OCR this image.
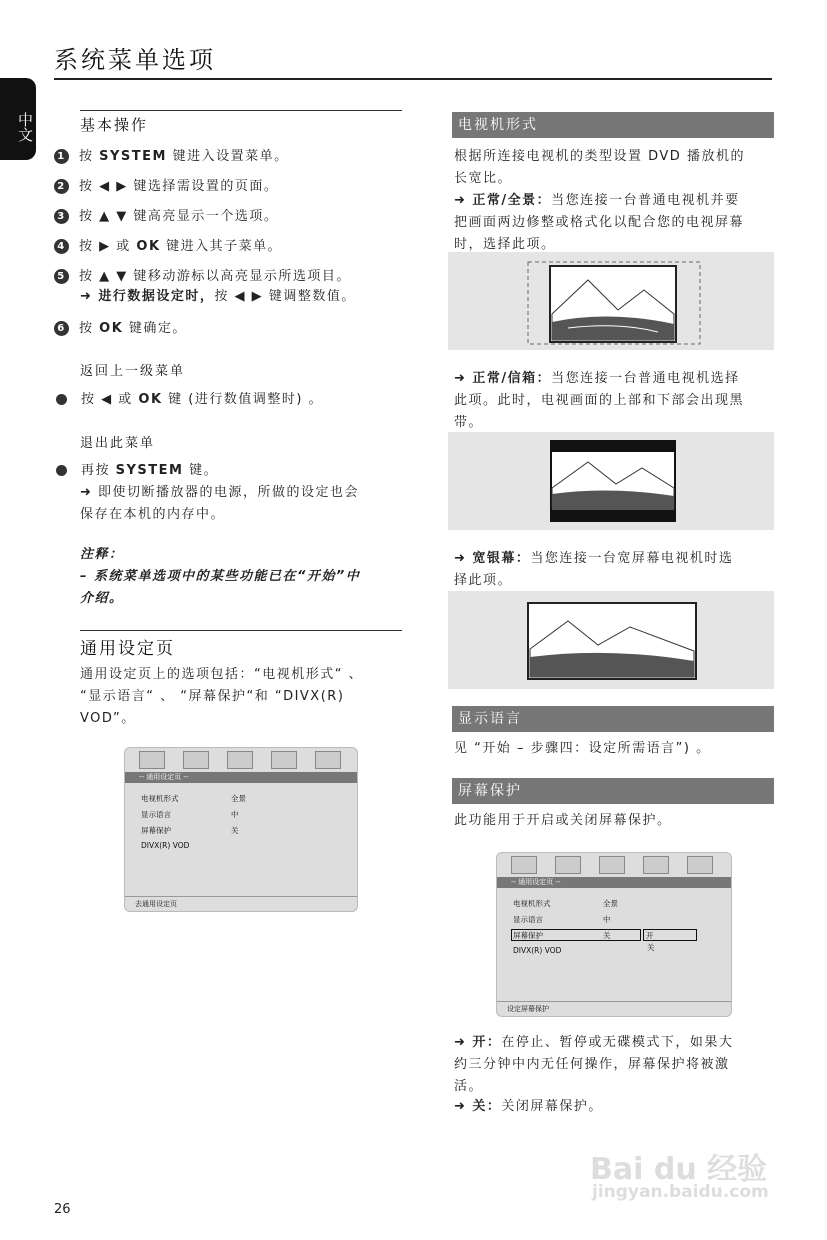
系统菜单选项
中文	基本操作
1 按 SYSTEM 键进入设置菜单。
2 按 ◀ ▶ 键选择需设置的页面。
3 按 ▲ ▼ 键高亮显示一个选项。
4 按 ▶ 或 OK 键进入其子菜单。
5 按 ▲ ▼ 键移动游标以高亮显示所选项目。
6 按 OK 键确定。
➜ 进行数据设定时，按 ◀ ▶ 键调整数值。
返回上一级菜单
按 ◀ 或 OK 键 (进行数值调整时) 。
退出此菜单
再按 SYSTEM 键。
➜ 即使切断播放器的电源，所做的设定也会
保存在本机的内存中。
注释：
– 系统菜单选项中的某些功能已在“开始”中
介绍。
通用设定页
通用设定页上的选项包括：“电视机形式“ 、
“显示语言“ 、 “屏幕保护“和 “DIVX(R)
VOD”。
-- 通用设定页 --
电视机形式	全景
显示语言	中
屏幕保护	关
DIVX(R) VOD
去通用设定页
电视机形式
根据所连接电视机的类型设置 DVD 播放机的
长宽比。
➜ 正常/全景：当您连接一台普通电视机并要
把画面两边修整或格式化以配合您的电视屏幕
时，选择此项。
➜ 正常/信箱：当您连接一台普通电视机选择
此项。此时，电视画面的上部和下部会出现黑
带。
➜ 宽银幕：当您连接一台宽屏幕电视机时选
择此项。
显示语言
见 “开始 – 步骤四：设定所需语言”) 。
屏幕保护
此功能用于开启或关闭屏幕保护。
-- 通用设定页 --
电视机形式	全景
显示语言	中
屏幕保护	关	开
关
DIVX(R) VOD
设定屏幕保护
➜ 开：在停止、暂停或无碟模式下，如果大
约三分钟中内无任何操作，屏幕保护将被激
活。
➜ 关：关闭屏幕保护。
26
Bai du 经验
jingyan.baidu.com
